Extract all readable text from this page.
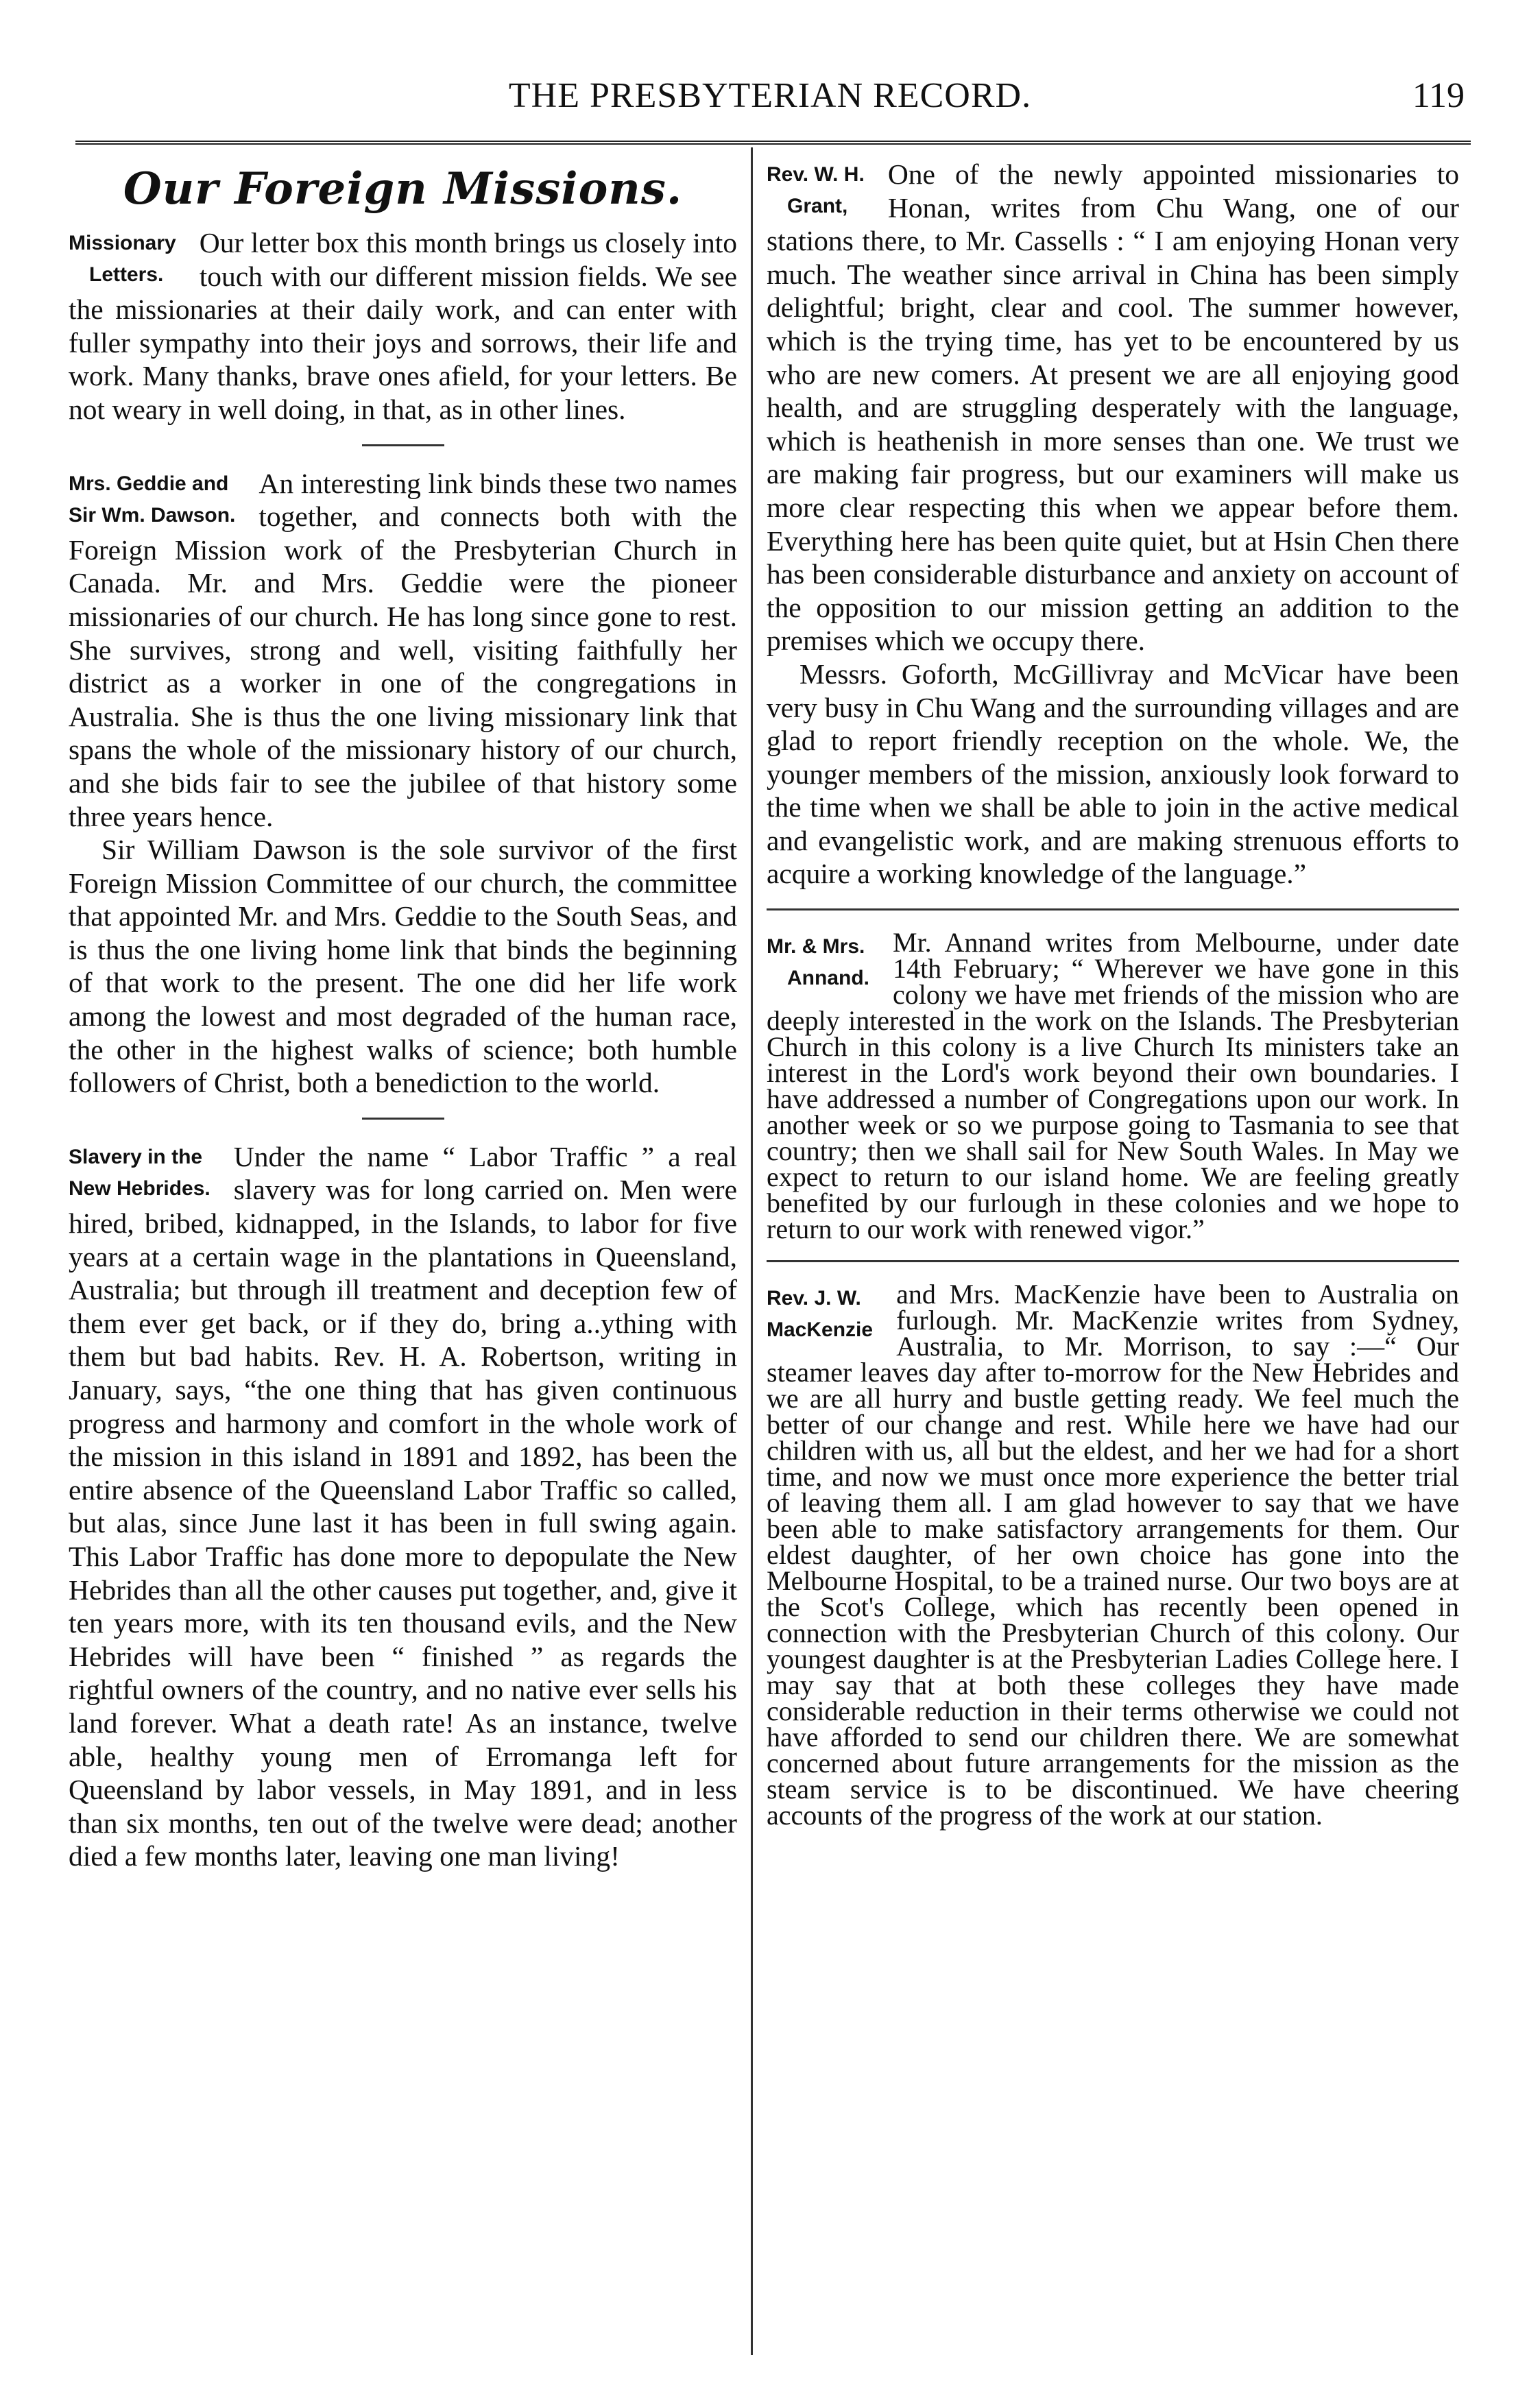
THE PRESBYTERIAN RECORD.	119
Our Foreign Missions.
Missionary
Letters.

Our letter box this month brings us closely into touch with our different mission fields. We see the missionaries at their daily work, and can enter with fuller sympathy into their joys and sorrows, their life and work. Many thanks, brave ones afield, for your letters. Be not weary in well doing, in that, as in other lines.

Mrs. Geddie and
Sir Wm. Dawson.

An interesting link binds these two names together, and connects both with the Foreign Mission work of the Presbyterian Church in Canada. Mr. and Mrs. Geddie were the pioneer missionaries of our church. He has long since gone to rest. She survives, strong and well, visiting faithfully her district as a worker in one of the congregations in Australia. She is thus the one living missionary link that spans the whole of the missionary history of our church, and she bids fair to see the jubilee of that history some three years hence.

Sir William Dawson is the sole survivor of the first Foreign Mission Committee of our church, the committee that appointed Mr. and Mrs. Geddie to the South Seas, and is thus the one living home link that binds the beginning of that work to the present. The one did her life work among the lowest and most degraded of the human race, the other in the highest walks of science; both humble followers of Christ, both a benediction to the world.

Slavery in the
New Hebrides.

Under the name “ Labor Traffic ” a real slavery was for long carried on. Men were hired, bribed, kidnapped, in the Islands, to labor for five years at a certain wage in the plantations in Queensland, Australia; but through ill treatment and deception few of them ever get back, or if they do, bring a..ything with them but bad habits. Rev. H. A. Robertson, writing in January, says, “the one thing that has given continuous progress and harmony and comfort in the whole work of the mission in this island in 1891 and 1892, has been the entire absence of the Queensland Labor Traffic so called, but alas, since June last it has been in full swing again. This Labor Traffic has done more to depopulate the New Hebrides than all the other causes put together, and, give it ten years more, with its ten thousand evils, and the New Hebrides will have been “ finished ” as regards the rightful owners of the country, and no native ever sells his land forever. What a death rate! As an instance, twelve able, healthy young men of Erromanga left for Queensland by labor vessels, in May 1891, and in less than six months, ten out of the twelve were dead; another died a few months later, leaving one man living!

Rev. W. H.
Grant,

One of the newly appointed missionaries to Honan, writes from Chu Wang, one of our stations there, to Mr. Cassells : “ I am enjoying Honan very much. The weather since arrival in China has been simply delightful; bright, clear and cool. The summer however, which is the trying time, has yet to be encountered by us who are new comers. At present we are all enjoying good health, and are struggling desperately with the language, which is heathenish in more senses than one. We trust we are making fair progress, but our examiners will make us more clear respecting this when we appear before them. Everything here has been quite quiet, but at Hsin Chen there has been considerable disturbance and anxiety on account of the opposition to our mission getting an addition to the premises which we occupy there.

Messrs. Goforth, McGillivray and McVicar have been very busy in Chu Wang and the surrounding villages and are glad to report friendly reception on the whole. We, the younger members of the mission, anxiously look forward to the time when we shall be able to join in the active medical and evangelistic work, and are making strenuous efforts to acquire a working knowledge of the language.”

Mr. & Mrs.
Annand.

Mr. Annand writes from Melbourne, under date 14th February; “ Wherever we have gone in this colony we have met friends of the mission who are deeply interested in the work on the Islands. The Presbyterian Church in this colony is a live Church Its ministers take an interest in the Lord's work beyond their own boundaries. I have addressed a number of Congregations upon our work. In another week or so we purpose going to Tasmania to see that country; then we shall sail for New South Wales. In May we expect to return to our island home. We are feeling greatly benefited by our furlough in these colonies and we hope to return to our work with renewed vigor.”

Rev. J. W.
MacKenzie

and Mrs. MacKenzie have been to Australia on furlough. Mr. MacKenzie writes from Sydney, Australia, to Mr. Morrison, to say :—“ Our steamer leaves day after to-morrow for the New Hebrides and we are all hurry and bustle getting ready. We feel much the better of our change and rest. While here we have had our children with us, all but the eldest, and her we had for a short time, and now we must once more experience the better trial of leaving them all. I am glad however to say that we have been able to make satisfactory arrangements for them. Our eldest daughter, of her own choice has gone into the Melbourne Hospital, to be a trained nurse. Our two boys are at the Scot's College, which has recently been opened in connection with the Presbyterian Church of this colony. Our youngest daughter is at the Presbyterian Ladies College here. I may say that at both these colleges they have made considerable reduction in their terms otherwise we could not have afforded to send our children there. We are somewhat concerned about future arrangements for the mission as the steam service is to be discontinued. We have cheering accounts of the progress of the work at our station.
